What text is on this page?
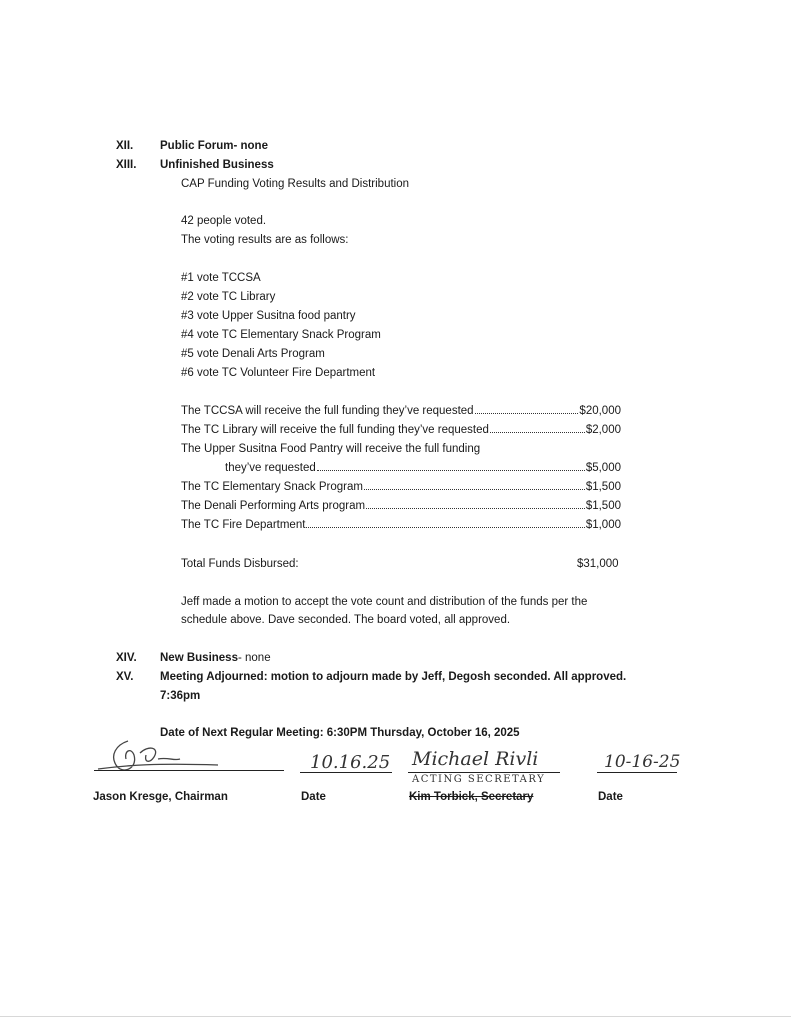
XII. Public Forum- none
XIII. Unfinished Business
CAP Funding Voting Results and Distribution
42 people voted.
The voting results are as follows:
#1 vote TCCSA
#2 vote TC Library
#3 vote Upper Susitna food pantry
#4 vote TC Elementary Snack Program
#5 vote Denali Arts Program
#6 vote TC Volunteer Fire Department
The TCCSA will receive the full funding they’ve requested	$20,000
The TC Library will receive the full funding they’ve requested	$2,000
The Upper Susitna Food Pantry will receive the full funding
they’ve requested	$5,000
The TC Elementary Snack Program	$1,500
The Denali Performing Arts program	$1,500
The TC Fire Department	$1,000
Total Funds Disbursed:	$31,000
Jeff made a motion to accept the vote count and distribution of the funds per the
schedule above. Dave seconded. The board voted, all approved.
XIV. New Business- none
XV. Meeting Adjourned: motion to adjourn made by Jeff, Degosh seconded. All approved.
7:36pm
Date of Next Regular Meeting: 6:30PM Thursday, October 16, 2025
10.16.25 Michael Rivli
ACTING SECRETARY
10-16-25
Jason Kresge, Chairman	Date	Kim Torbick, Secretary	Date
